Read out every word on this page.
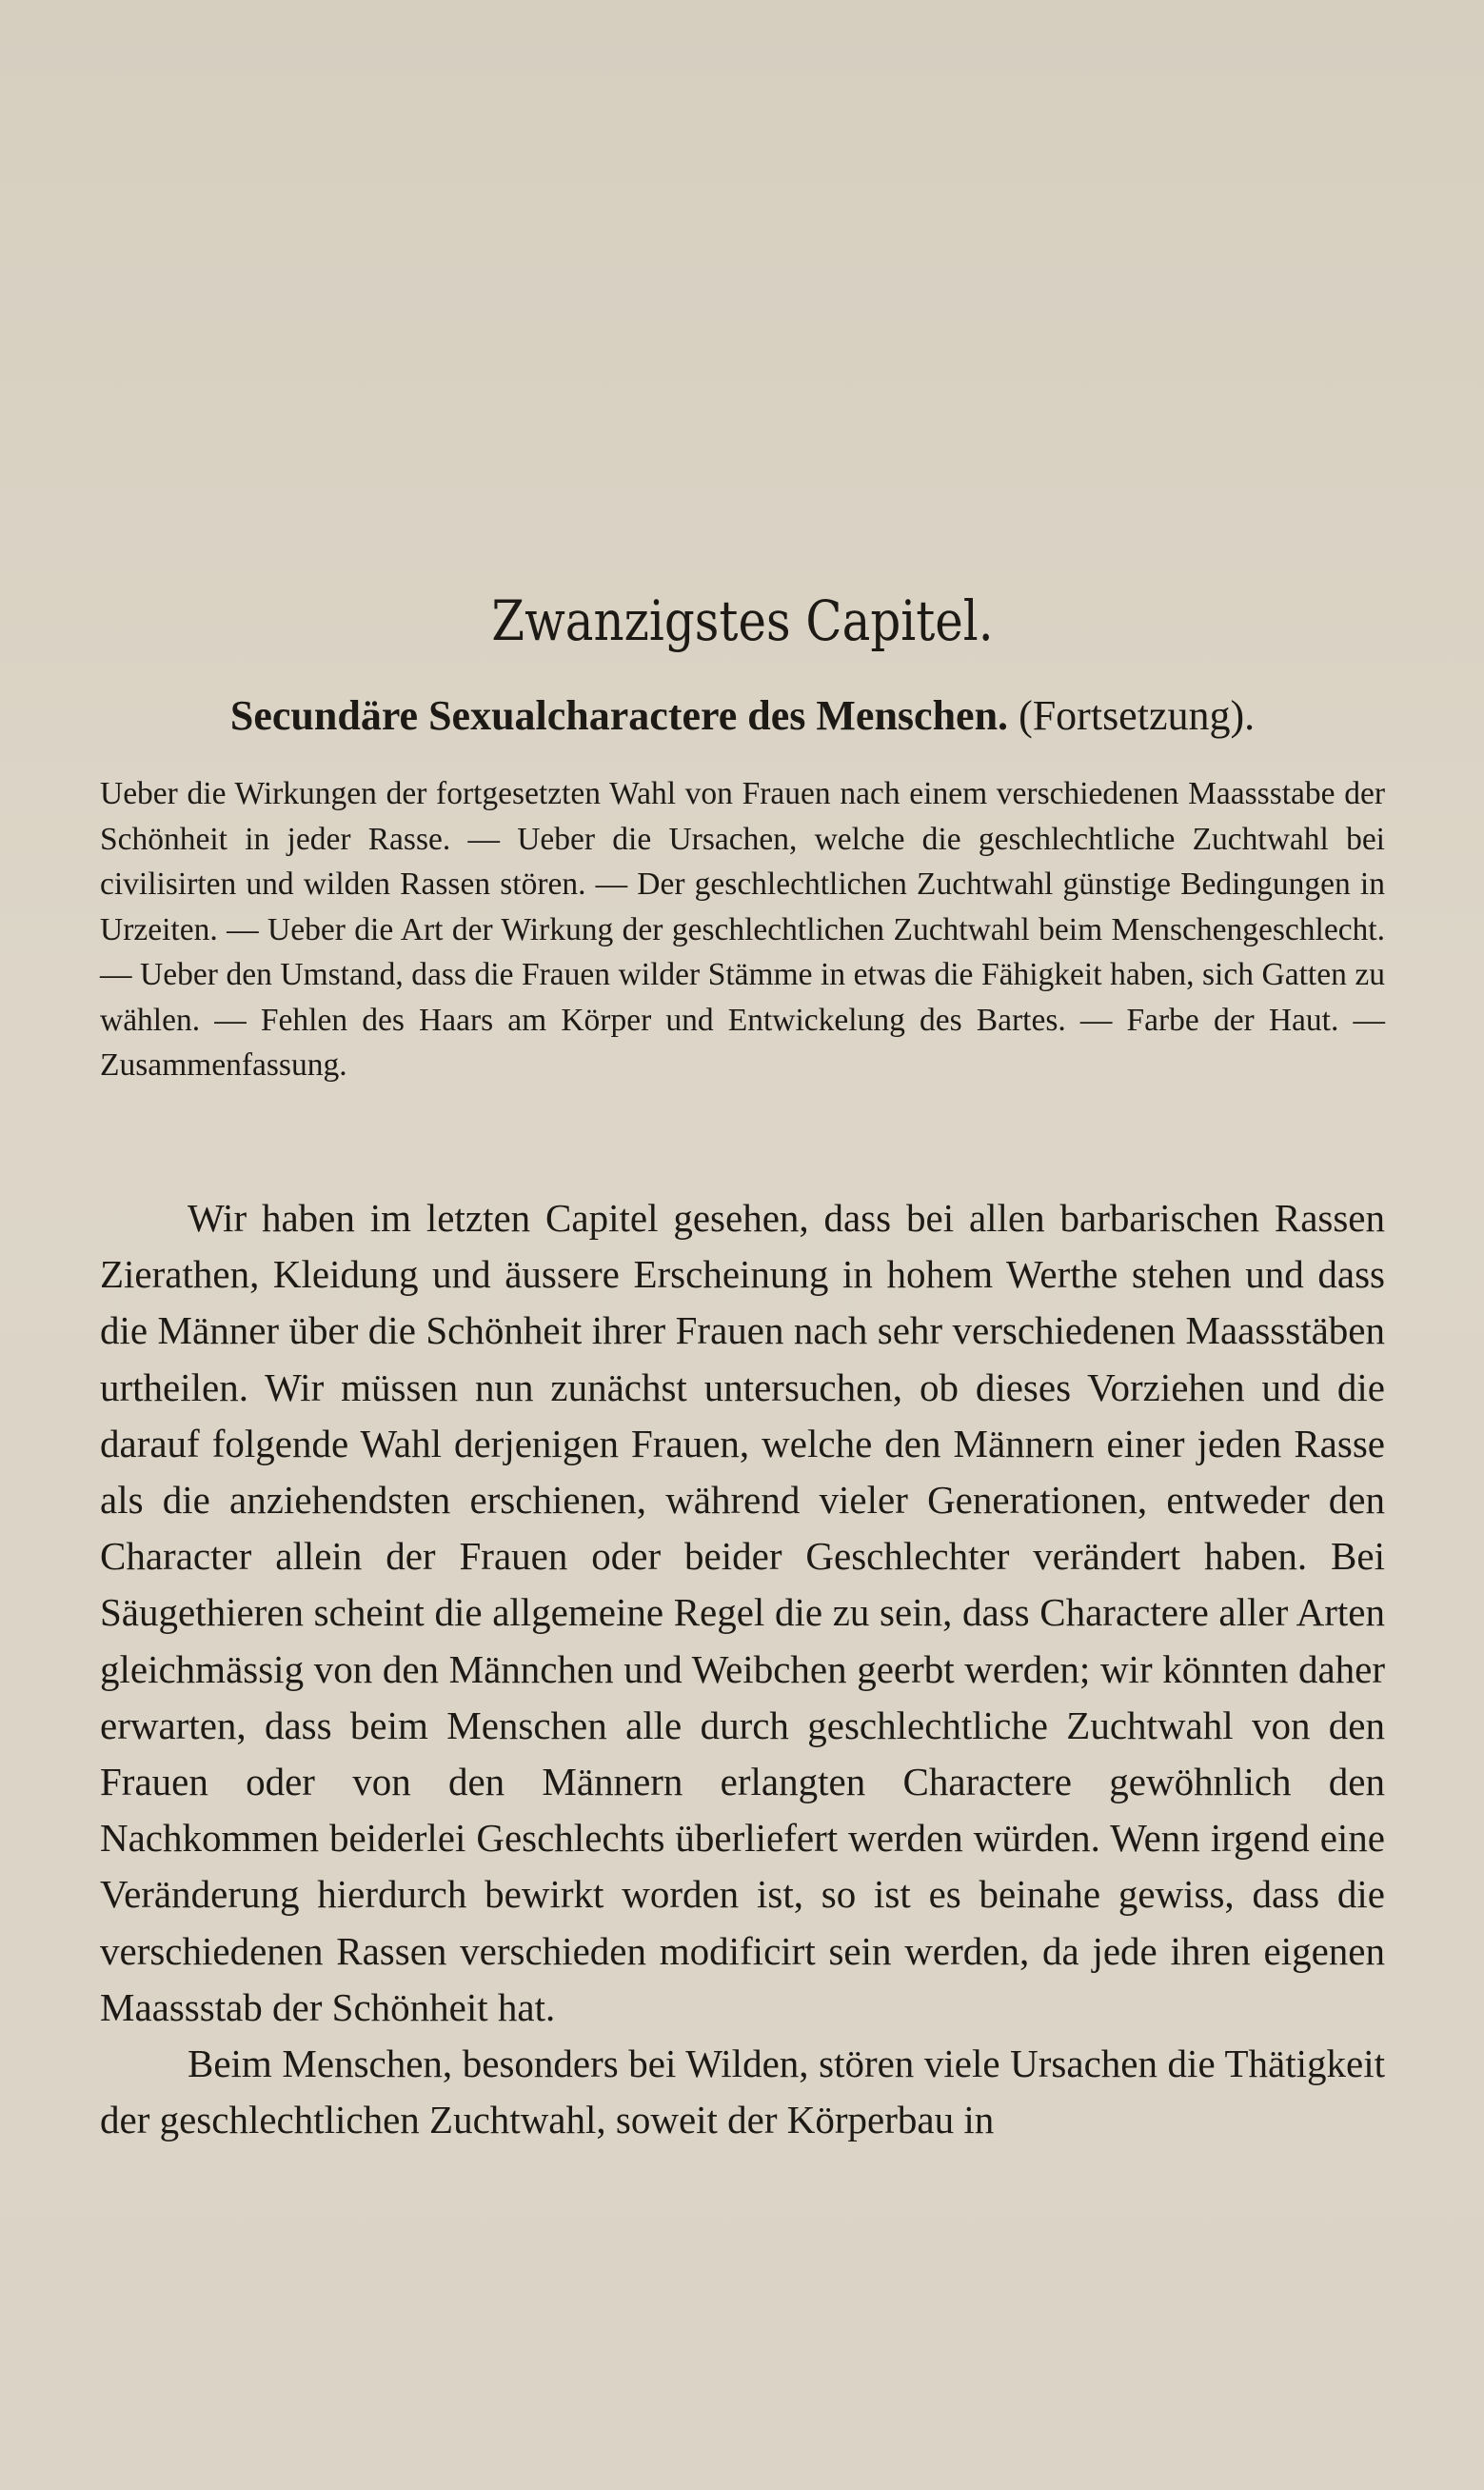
Zwanzigstes Capitel.
Secundäre Sexualcharactere des Menschen. (Fortsetzung).
Ueber die Wirkungen der fortgesetzten Wahl von Frauen nach einem verschiedenen Maassstabe der Schönheit in jeder Rasse. — Ueber die Ursachen, welche die geschlechtliche Zuchtwahl bei civilisirten und wilden Rassen stören. — Der geschlechtlichen Zuchtwahl günstige Bedingungen in Urzeiten. — Ueber die Art der Wirkung der geschlechtlichen Zuchtwahl beim Menschengeschlecht. — Ueber den Umstand, dass die Frauen wilder Stämme in etwas die Fähigkeit haben, sich Gatten zu wählen. — Fehlen des Haars am Körper und Entwickelung des Bartes. — Farbe der Haut. — Zusammenfassung.

Wir haben im letzten Capitel gesehen, dass bei allen barbarischen Rassen Zierathen, Kleidung und äussere Erscheinung in hohem Werthe stehen und dass die Männer über die Schönheit ihrer Frauen nach sehr verschiedenen Maassstäben urtheilen. Wir müssen nun zunächst untersuchen, ob dieses Vorziehen und die darauf folgende Wahl derjenigen Frauen, welche den Männern einer jeden Rasse als die anziehendsten erschienen, während vieler Generationen, entweder den Character allein der Frauen oder beider Geschlechter verändert haben. Bei Säugethieren scheint die allgemeine Regel die zu sein, dass Charactere aller Arten gleichmässig von den Männchen und Weibchen geerbt werden; wir könnten daher erwarten, dass beim Menschen alle durch geschlechtliche Zuchtwahl von den Frauen oder von den Männern erlangten Charactere gewöhnlich den Nachkommen beiderlei Geschlechts überliefert werden würden. Wenn irgend eine Veränderung hierdurch bewirkt worden ist, so ist es beinahe gewiss, dass die verschiedenen Rassen verschieden modificirt sein werden, da jede ihren eigenen Maassstab der Schönheit hat.

Beim Menschen, besonders bei Wilden, stören viele Ursachen die Thätigkeit der geschlechtlichen Zuchtwahl, soweit der Körperbau in
